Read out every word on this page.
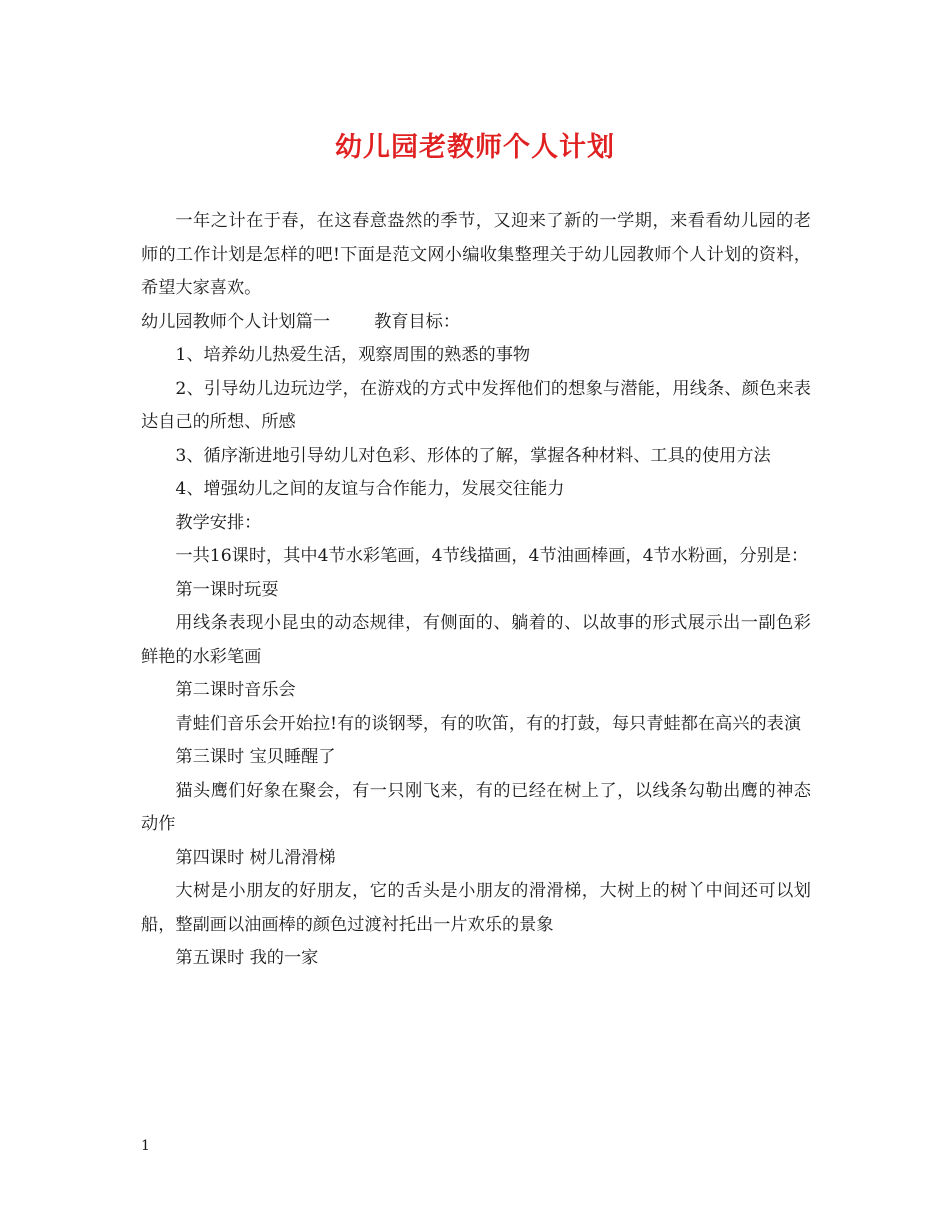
幼儿园老教师个人计划

一年之计在于春，在这春意盎然的季节，又迎来了新的一学期，来看看幼儿园的老师的工作计划是怎样的吧!下面是范文网小编收集整理关于幼儿园教师个人计划的资料，希望大家喜欢。

幼儿园教师个人计划篇一	教育目标：

1、培养幼儿热爱生活，观察周围的熟悉的事物

2、引导幼儿边玩边学，在游戏的方式中发挥他们的想象与潜能，用线条、颜色来表达自己的所想、所感

3、循序渐进地引导幼儿对色彩、形体的了解，掌握各种材料、工具的使用方法

4、增强幼儿之间的友谊与合作能力，发展交往能力

教学安排：

一共16课时，其中4节水彩笔画，4节线描画，4节油画棒画，4节水粉画，分别是：

第一课时玩耍

用线条表现小昆虫的动态规律，有侧面的、躺着的、以故事的形式展示出一副色彩鲜艳的水彩笔画

第二课时音乐会

青蛙们音乐会开始拉!有的谈钢琴，有的吹笛，有的打鼓，每只青蛙都在高兴的表演

第三课时 宝贝睡醒了

猫头鹰们好象在聚会，有一只刚飞来，有的已经在树上了，以线条勾勒出鹰的神态动作

第四课时 树儿滑滑梯

大树是小朋友的好朋友，它的舌头是小朋友的滑滑梯，大树上的树丫中间还可以划船，整副画以油画棒的颜色过渡衬托出一片欢乐的景象

第五课时 我的一家

1
